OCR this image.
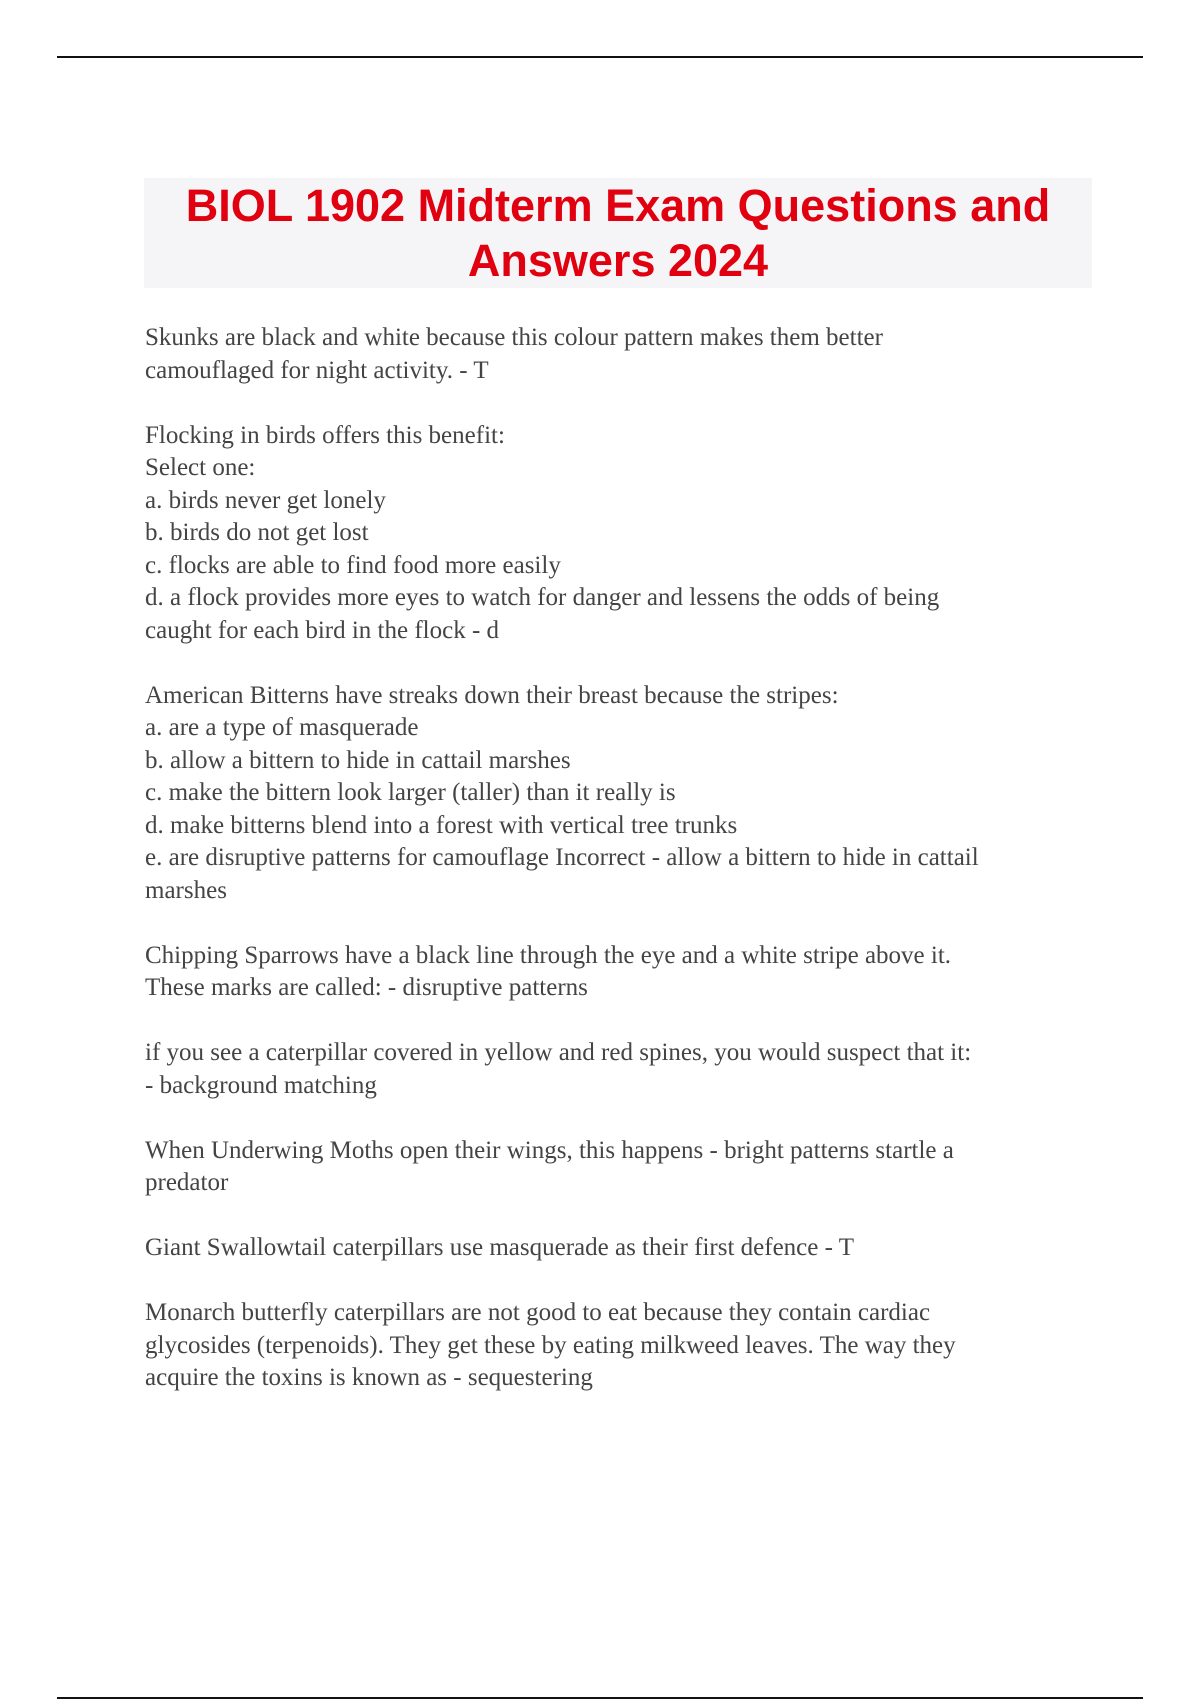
BIOL 1902 Midterm Exam Questions and
Answers 2024

Skunks are black and white because this colour pattern makes them better
camouflaged for night activity. - T

Flocking in birds offers this benefit:
Select one:
a. birds never get lonely
b. birds do not get lost
c. flocks are able to find food more easily
d. a flock provides more eyes to watch for danger and lessens the odds of being
caught for each bird in the flock - d

American Bitterns have streaks down their breast because the stripes:
a. are a type of masquerade
b. allow a bittern to hide in cattail marshes
c. make the bittern look larger (taller) than it really is
d. make bitterns blend into a forest with vertical tree trunks
e. are disruptive patterns for camouflage Incorrect - allow a bittern to hide in cattail
marshes

Chipping Sparrows have a black line through the eye and a white stripe above it.
These marks are called: - disruptive patterns

if you see a caterpillar covered in yellow and red spines, you would suspect that it:
- background matching

When Underwing Moths open their wings, this happens - bright patterns startle a
predator

Giant Swallowtail caterpillars use masquerade as their first defence - T

Monarch butterfly caterpillars are not good to eat because they contain cardiac
glycosides (terpenoids). They get these by eating milkweed leaves. The way they
acquire the toxins is known as - sequestering
